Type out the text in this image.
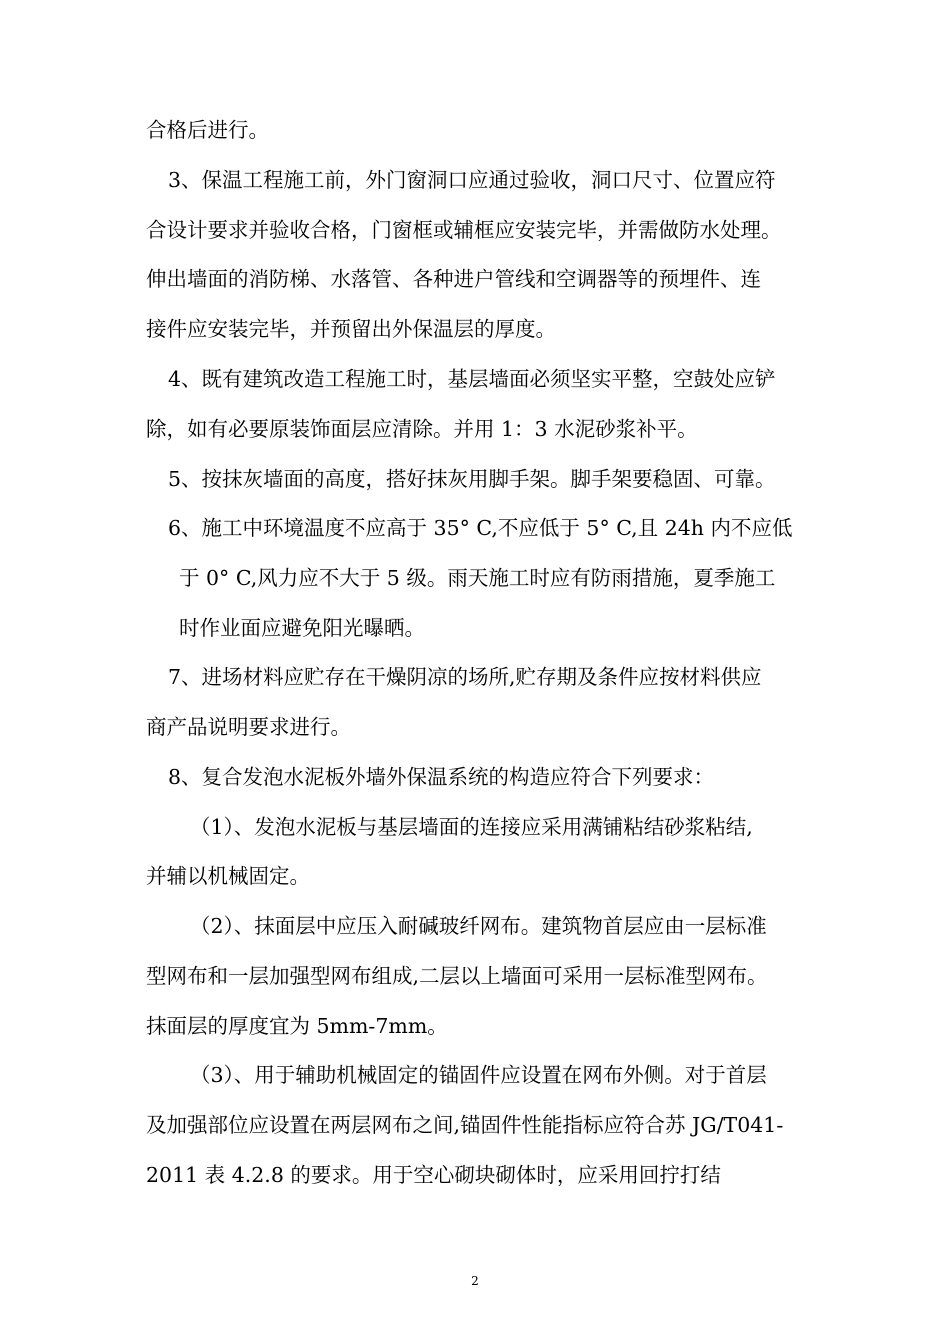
合格后进行。
3、保温工程施工前，外门窗洞口应通过验收，洞口尺寸、位置应符
合设计要求并验收合格，门窗框或辅框应安装完毕，并需做防水处理。
伸出墙面的消防梯、水落管、各种进户管线和空调器等的预埋件、连
接件应安装完毕，并预留出外保温层的厚度。
4、既有建筑改造工程施工时，基层墙面必须坚实平整，空鼓处应铲
除，如有必要原装饰面层应清除。并用 1：3 水泥砂浆补平。
5、按抹灰墙面的高度，搭好抹灰用脚手架。脚手架要稳固、可靠。
6、施工中环境温度不应高于 35° C,不应低于 5° C,且 24h 内不应低
于 0° C,风力应不大于 5 级。雨天施工时应有防雨措施，夏季施工
时作业面应避免阳光曝晒。
7、进场材料应贮存在干燥阴凉的场所,贮存期及条件应按材料供应
商产品说明要求进行。
8、复合发泡水泥板外墙外保温系统的构造应符合下列要求：
（1）、发泡水泥板与基层墙面的连接应采用满铺粘结砂浆粘结,
并辅以机械固定。
（2）、抹面层中应压入耐碱玻纤网布。建筑物首层应由一层标准
型网布和一层加强型网布组成,二层以上墙面可采用一层标准型网布。
抹面层的厚度宜为 5mm-7mm。
（3）、用于辅助机械固定的锚固件应设置在网布外侧。对于首层
及加强部位应设置在两层网布之间,锚固件性能指标应符合苏 JG/T041-
2011 表 4.2.8 的要求。用于空心砌块砌体时，应采用回拧打结
2
